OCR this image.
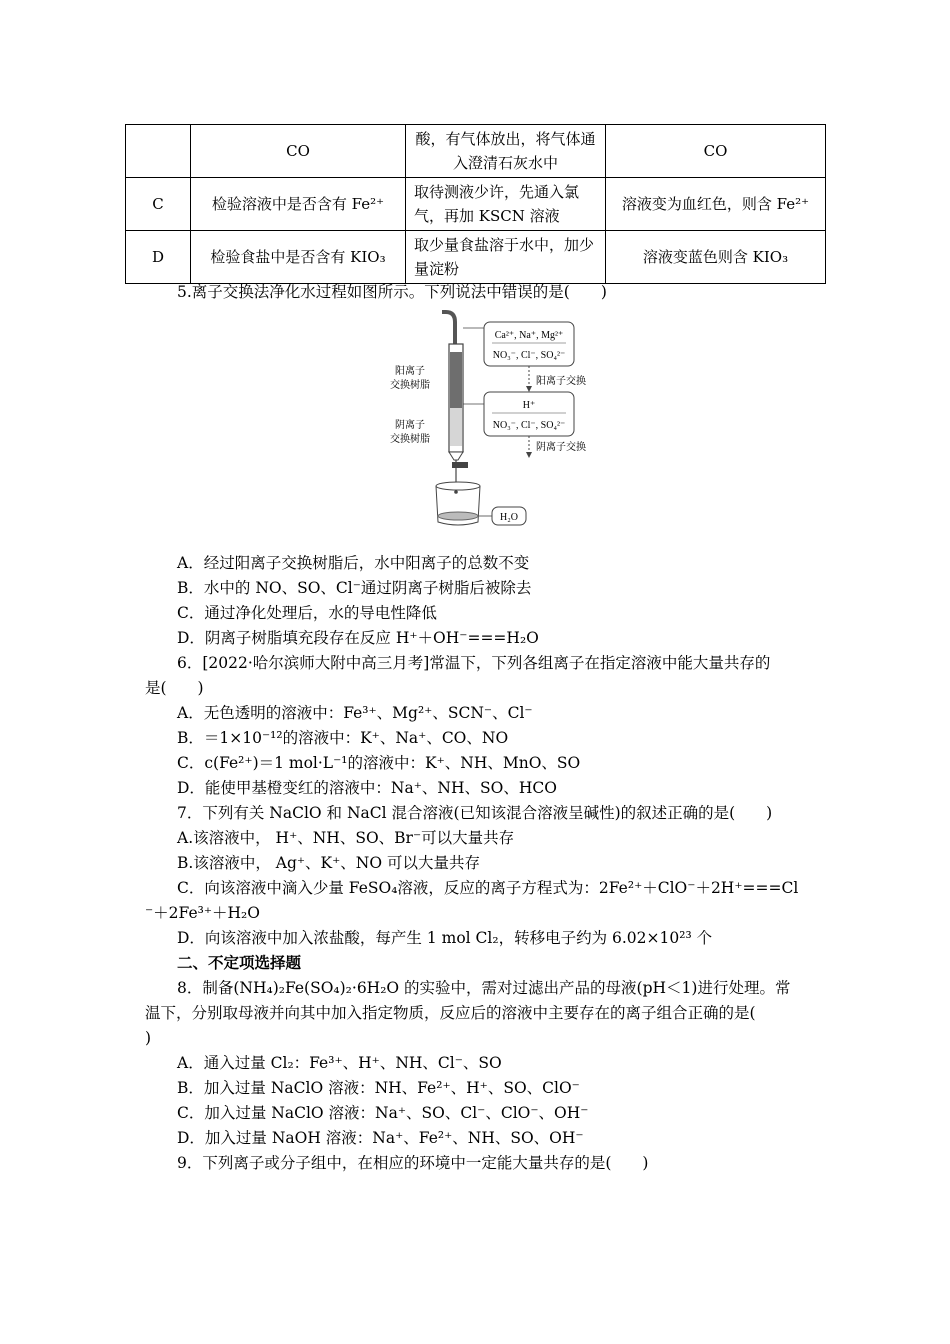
	CO	酸，有气体放出，将气体通入澄清石灰水中	CO
C	检验溶液中是否含有 Fe²⁺	取待测液少许，先通入氯气，再加 KSCN 溶液	溶液变为血红色，则含 Fe²⁺
D	检验食盐中是否含有 KIO₃	取少量食盐溶于水中，加少量淀粉	溶液变蓝色则含 KIO₃
5.离子交换法净化水过程如图所示。下列说法中错误的是(　　)
阳离子
交换树脂
阴离子
交换树脂
Ca²⁺, Na⁺, Mg²⁺
NO₃⁻, Cl⁻, SO₄²⁻
阳离子交换
H⁺
NO₃⁻, Cl⁻, SO₄²⁻
阴离子交换
H₂O
A．经过阳离子交换树脂后，水中阳离子的总数不变
B．水中的 NO、SO、Cl⁻通过阴离子树脂后被除去
C．通过净化处理后，水的导电性降低
D．阴离子树脂填充段存在反应 H⁺＋OH⁻===H₂O
6．[2022·哈尔滨师大附中高三月考]常温下，下列各组离子在指定溶液中能大量共存的
是(　　)
A．无色透明的溶液中：Fe³⁺、Mg²⁺、SCN⁻、Cl⁻
B．＝1×10⁻¹²的溶液中：K⁺、Na⁺、CO、NO
C．c(Fe²⁺)＝1 mol·L⁻¹的溶液中：K⁺、NH、MnO、SO
D．能使甲基橙变红的溶液中：Na⁺、NH、SO、HCO
7．下列有关 NaClO 和 NaCl 混合溶液(已知该混合溶液呈碱性)的叙述正确的是(　　)
A.该溶液中， H⁺、NH、SO、Br⁻可以大量共存
B.该溶液中， Ag⁺、K⁺、NO 可以大量共存
C．向该溶液中滴入少量 FeSO₄溶液，反应的离子方程式为：2Fe²⁺＋ClO⁻＋2H⁺===Cl
⁻＋2Fe³⁺＋H₂O
D．向该溶液中加入浓盐酸，每产生 1 mol Cl₂，转移电子约为 6.02×10²³ 个
二、不定项选择题
8．制备(NH₄)₂Fe(SO₄)₂·6H₂O 的实验中，需对过滤出产品的母液(pH＜1)进行处理。常
温下，分别取母液并向其中加入指定物质，反应后的溶液中主要存在的离子组合正确的是(
)
A．通入过量 Cl₂：Fe³⁺、H⁺、NH、Cl⁻、SO
B．加入过量 NaClO 溶液：NH、Fe²⁺、H⁺、SO、ClO⁻
C．加入过量 NaClO 溶液：Na⁺、SO、Cl⁻、ClO⁻、OH⁻
D．加入过量 NaOH 溶液：Na⁺、Fe²⁺、NH、SO、OH⁻
9．下列离子或分子组中，在相应的环境中一定能大量共存的是(　　)
